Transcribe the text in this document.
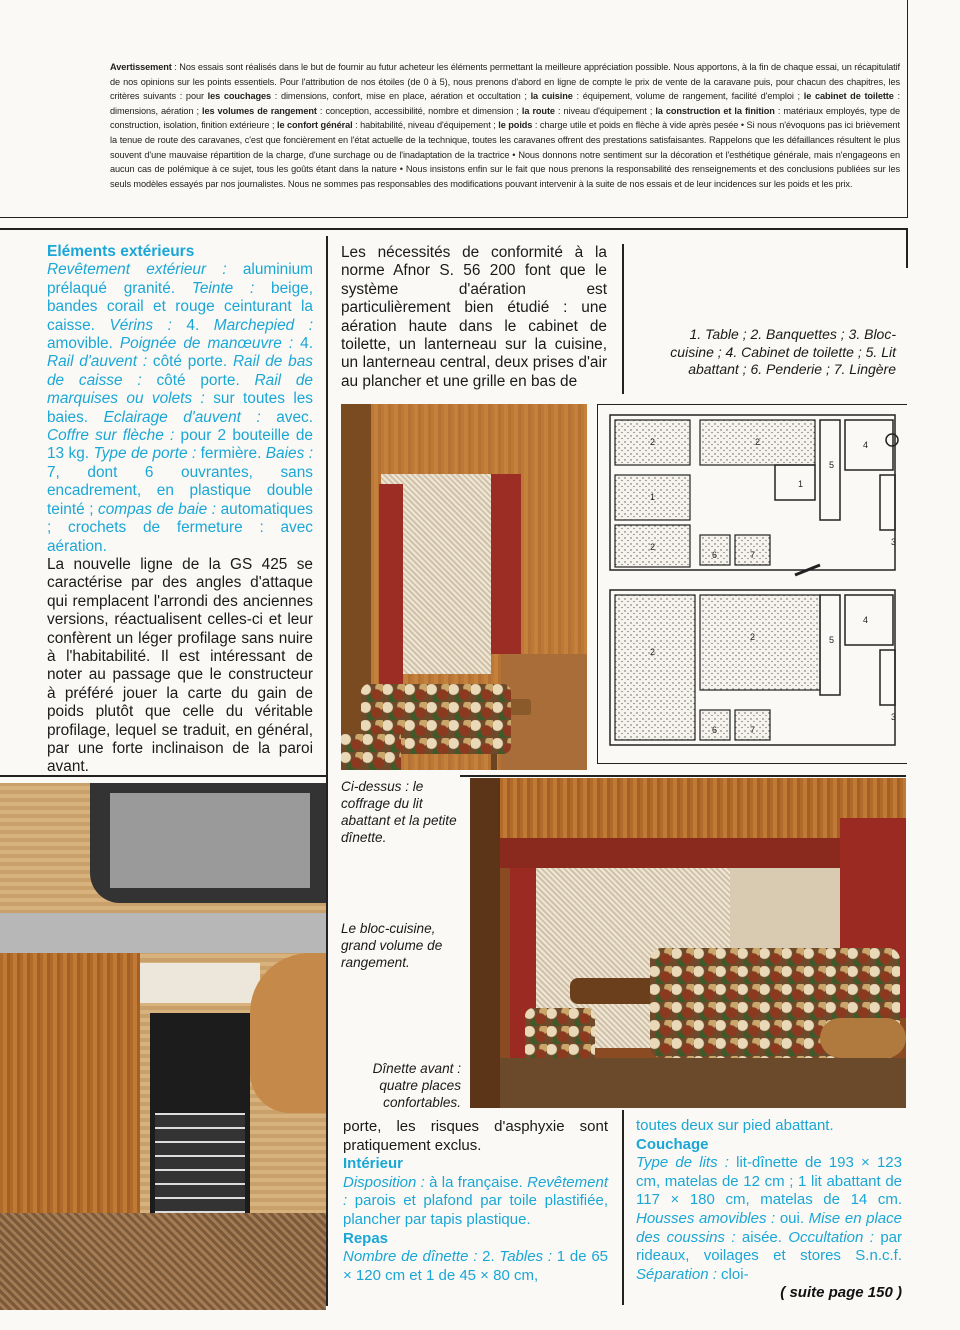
Avertissement : Nos essais sont réalisés dans le but de fournir au futur acheteur les éléments permettant la meilleure appréciation possible. Nous apportons, à la fin de chaque essai, un récapitulatif de nos opinions sur les points essentiels. Pour l'attribution de nos étoiles (de 0 à 5), nous prenons d'abord en ligne de compte le prix de vente de la caravane puis, pour chacun des chapitres, les critères suivants : pour les couchages : dimensions, confort, mise en place, aération et occultation ; la cuisine : équipement, volume de rangement, facilité d'emploi ; le cabinet de toilette : dimensions, aération ; les volumes de rangement : conception, accessibilité, nombre et dimension ; la route : niveau d'équipement ; la construction et la finition : matériaux employés, type de construction, isolation, finition extérieure ; le confort général : habitabilité, niveau d'équipement ; le poids : charge utile et poids en flèche à vide après pesée • Si nous n'évoquons pas ici brièvement la tenue de route des caravanes, c'est que foncièrement en l'état actuelle de la technique, toutes les caravanes offrent des prestations satisfaisantes. Rappelons que les défaillances résultent le plus souvent d'une mauvaise répartition de la charge, d'une surchage ou de l'inadaptation de la tractrice • Nous donnons notre sentiment sur la décoration et l'esthétique générale, mais n'engageons en aucun cas de polémique à ce sujet, tous les goûts étant dans la nature • Nous insistons enfin sur le fait que nous prenons la responsabilité des renseignements et des conclusions publiées sur les seuls modèles essayés par nos journalistes. Nous ne sommes pas responsables des modifications pouvant intervenir à la suite de nos essais et de leur incidences sur les poids et les prix.
Eléments extérieurs
Revêtement extérieur : aluminium prélaqué granité. Teinte : beige, bandes corail et rouge ceinturant la caisse. Vérins : 4. Marchepied : amovible. Poignée de manœuvre : 4. Rail d'auvent : côté porte. Rail de bas de caisse : côté porte. Rail de marquises ou volets : sur toutes les baies. Eclairage d'auvent : avec. Coffre sur flèche : pour 2 bouteille de 13 kg. Type de porte : fermière. Baies : 7, dont 6 ouvrantes, sans encadrement, en plastique double teinté ; compas de baie : automatiques ; crochets de fermeture : avec aération.
La nouvelle ligne de la GS 425 se caractérise par des angles d'attaque qui remplacent l'arrondi des anciennes versions, réactualisent celles-ci et leur confèrent un léger profilage sans nuire à l'habitabilité. Il est intéressant de noter au passage que le constructeur à préféré jouer la carte du gain de poids plutôt que celle du véritable profilage, lequel se traduit, en général, par une forte inclinaison de la paroi avant.
Les nécessités de conformité à la norme Afnor S. 56 200 font que le système d'aération est particulièrement bien étudié : une aération haute dans le cabinet de toilette, un lanterneau sur la cuisine, un lanterneau central, deux prises d'air au plancher et une grille en bas de
1. Table ; 2. Banquettes ; 3. Bloc-cuisine ; 4. Cabinet de toilette ; 5. Lit abattant ; 6. Penderie ; 7. Lingère
2	2
1
2
1
5
4
3
6	7
2
2	5
4
3
6	7
Ci-dessus : le coffrage du lit abattant et la petite dînette.
Le bloc-cuisine, grand volume de rangement.
Dînette avant : quatre places confortables.
porte, les risques d'asphyxie sont pratiquement exclus.
Intérieur
Disposition : à la française. Revêtement : parois et plafond par toile plastifiée, plancher par tapis plastique.
Repas
Nombre de dînette : 2. Tables : 1 de 65 × 120 cm et 1 de 45 × 80 cm,
toutes deux sur pied abattant.
Couchage
Type de lits : lit-dînette de 193 × 123 cm, matelas de 12 cm ; 1 lit abattant de 117 × 180 cm, matelas de 14 cm. Housses amovibles : oui. Mise en place des coussins : aisée. Occultation : par rideaux, voilages et stores S.n.c.f. Séparation : cloi-
( suite page 150 )
